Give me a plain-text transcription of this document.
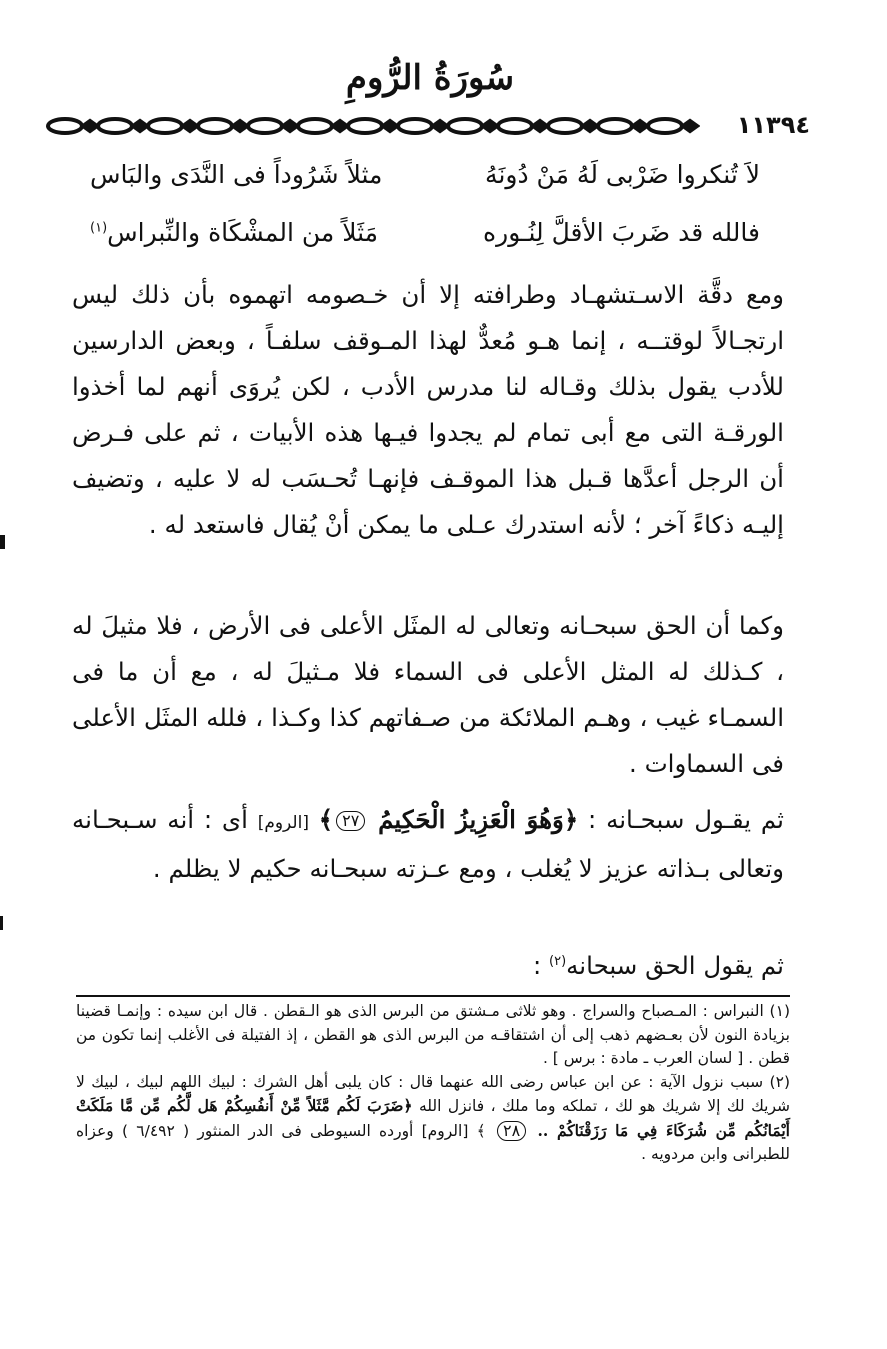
سُورَةُ الرُّومِ
١١٣٩٤
لاَ تُنكروا ضَرْبى لَهُ مَنْ دُونَهُ
مثلاً شَرُوداً فى النَّدَى والبَاس
فالله قد ضَربَ الأقلَّ لِنُـوره
مَثَلاً من المشْكَاة والنِّبراس$^{(١)}$

ومع دقَّة الاسـتشهـاد وطرافته إلا أن خـصومه اتهموه بأن ذلك ليس ارتجـالاً لوقتــه ، إنما هـو مُعدٌّ لهذا المـوقف سلفـاً ، وبعض الدارسين للأدب يقول بذلك وقـاله لنا مدرس الأدب ، لكن يُروَى أنهم لما أخذوا الورقـة التى مع أبى تمام لم يجدوا فيـها هذه الأبيات ، ثم على فـرض أن الرجل أعدَّها قـبل هذا الموقـف فإنهـا تُحـسَب له لا عليه ، وتضيف إليـه ذكاءً آخر ؛ لأنه استدرك عـلى ما يمكن أنْ يُقال فاستعد له .

وكما أن الحق سبحـانه وتعالى له المثَل الأعلى فى الأرض ، فلا مثيلَ له ، كـذلك له المثل الأعلى فى السماء فلا مـثيلَ له ، مع أن ما فى السمـاء غيب ، وهـم الملائكة من صـفاتهم كذا وكـذا ، فلله المثَل الأعلى فى السماوات .

ثم يقـول سبحـانه : ﴿وَهُوَ الْعَزِيزُ الْحَكِيمُ ٢٧﴾ [الروم] أى : أنه سـبحـانه وتعالى بـذاته عزيز لا يُغلب ، ومع عـزته سبحـانه حكيم لا يظلم .

ثم يقول الحق سبحانه$^{(٢)}$ :

(١) النبراس : المـصباح والسراج . وهو ثلاثى مـشتق من البرس الذى هو الـقطن . قال ابن سيده : وإنمـا قضينا بزيادة النون لأن بعـضهم ذهب إلى أن اشتقاقـه من البرس الذى هو القطن ، إذ الفتيلة فى الأغلب إنما تكون من قطن . [ لسان العرب ـ مادة : برس ] .

(٢) سبب نزول الآية : عن ابن عباس رضى الله عنهما قال : كان يلبى أهل الشرك : لبيك اللهم لبيك ، لبيك لا شريك لك إلا شريك هو لك ، تملكه وما ملك ، فانزل الله ﴿ضَرَبَ لَكُم مَّثَلاً مِّنْ أَنفُسِكُمْ هَل لَّكُم مِّن مَّا مَلَكَتْ أَيْمَانُكُم مِّن شُرَكَاءَ فِي مَا رَزَقْنَاكُمْ .. ٢٨ ﴾ [الروم] أورده السيوطى فى الدر المنثور ( ٦/٤٩٢ ) وعزاه للطبرانى وابن مردويه .
